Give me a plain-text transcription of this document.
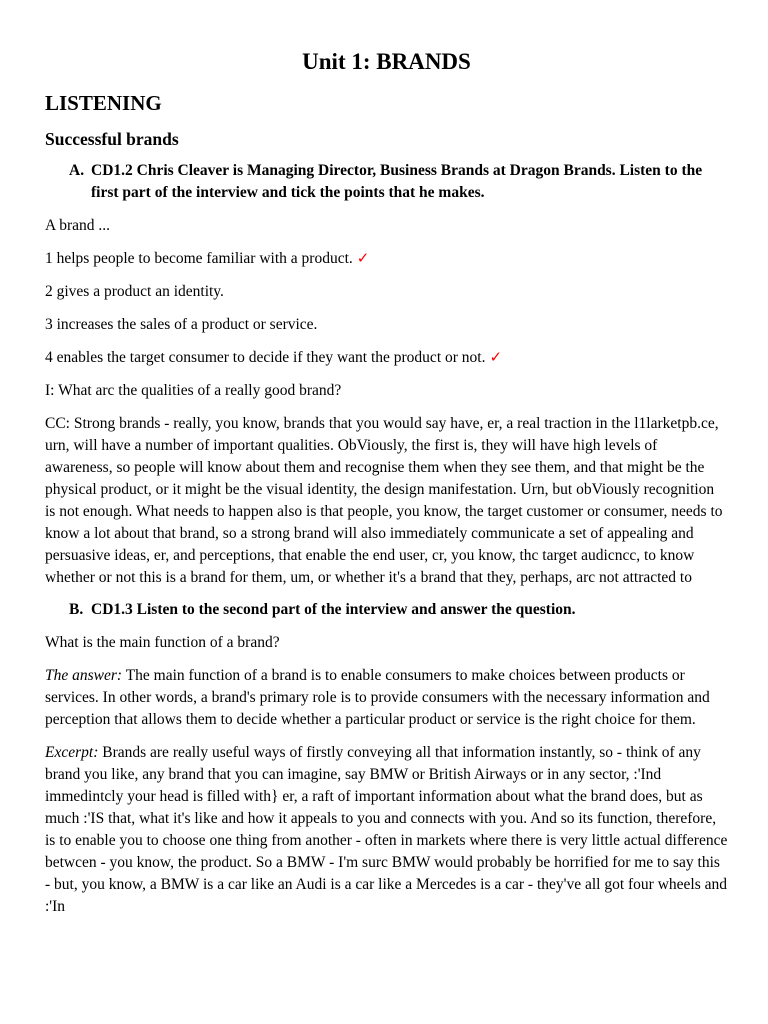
Unit 1: BRANDS
LISTENING
Successful brands
A. CD1.2 Chris Cleaver is Managing Director, Business Brands at Dragon Brands. Listen to the first part of the interview and tick the points that he makes.

A brand ...

1 helps people to become familiar with a product. ✓

2 gives a product an identity.

3 increases the sales of a product or service.

4 enables the target consumer to decide if they want the product or not. ✓

I: What arc the qualities of a really good brand?

CC: Strong brands - really, you know, brands that you would say have, er, a real traction in the l1larketpb.ce, urn, will have a number of important qualities. ObViously, the first is, they will have high levels of awareness, so people will know about them and recognise them when they see them, and that might be the physical product, or it might be the visual identity, the design manifestation. Urn, but obViously recognition is not enough. What needs to happen also is that people, you know, the target customer or consumer, needs to know a lot about that brand, so a strong brand will also immediately communicate a set of appealing and persuasive ideas, er, and perceptions, that enable the end user, cr, you know, thc target audicncc, to know whether or not this is a brand for them, um, or whether it's a brand that they, perhaps, arc not attracted to

B. CD1.3 Listen to the second part of the interview and answer the question.

What is the main function of a brand?

The answer: The main function of a brand is to enable consumers to make choices between products or services. In other words, a brand's primary role is to provide consumers with the necessary information and perception that allows them to decide whether a particular product or service is the right choice for them.

Excerpt: Brands are really useful ways of firstly conveying all that information instantly, so - think of any brand you like, any brand that you can imagine, say BMW or British Airways or in any sector, :'Ind immedintcly your head is filled with} er, a raft of important information about what the brand does, but as much :'IS that, what it's like and how it appeals to you and connects with you. And so its function, therefore, is to enable you to choose one thing from another - often in markets where there is very little actual difference betwcen - you know, the product. So a BMW - I'm surc BMW would probably be horrified for me to say this - but, you know, a BMW is a car like an Audi is a car like a Mercedes is a car - they've all got four wheels and :'In
